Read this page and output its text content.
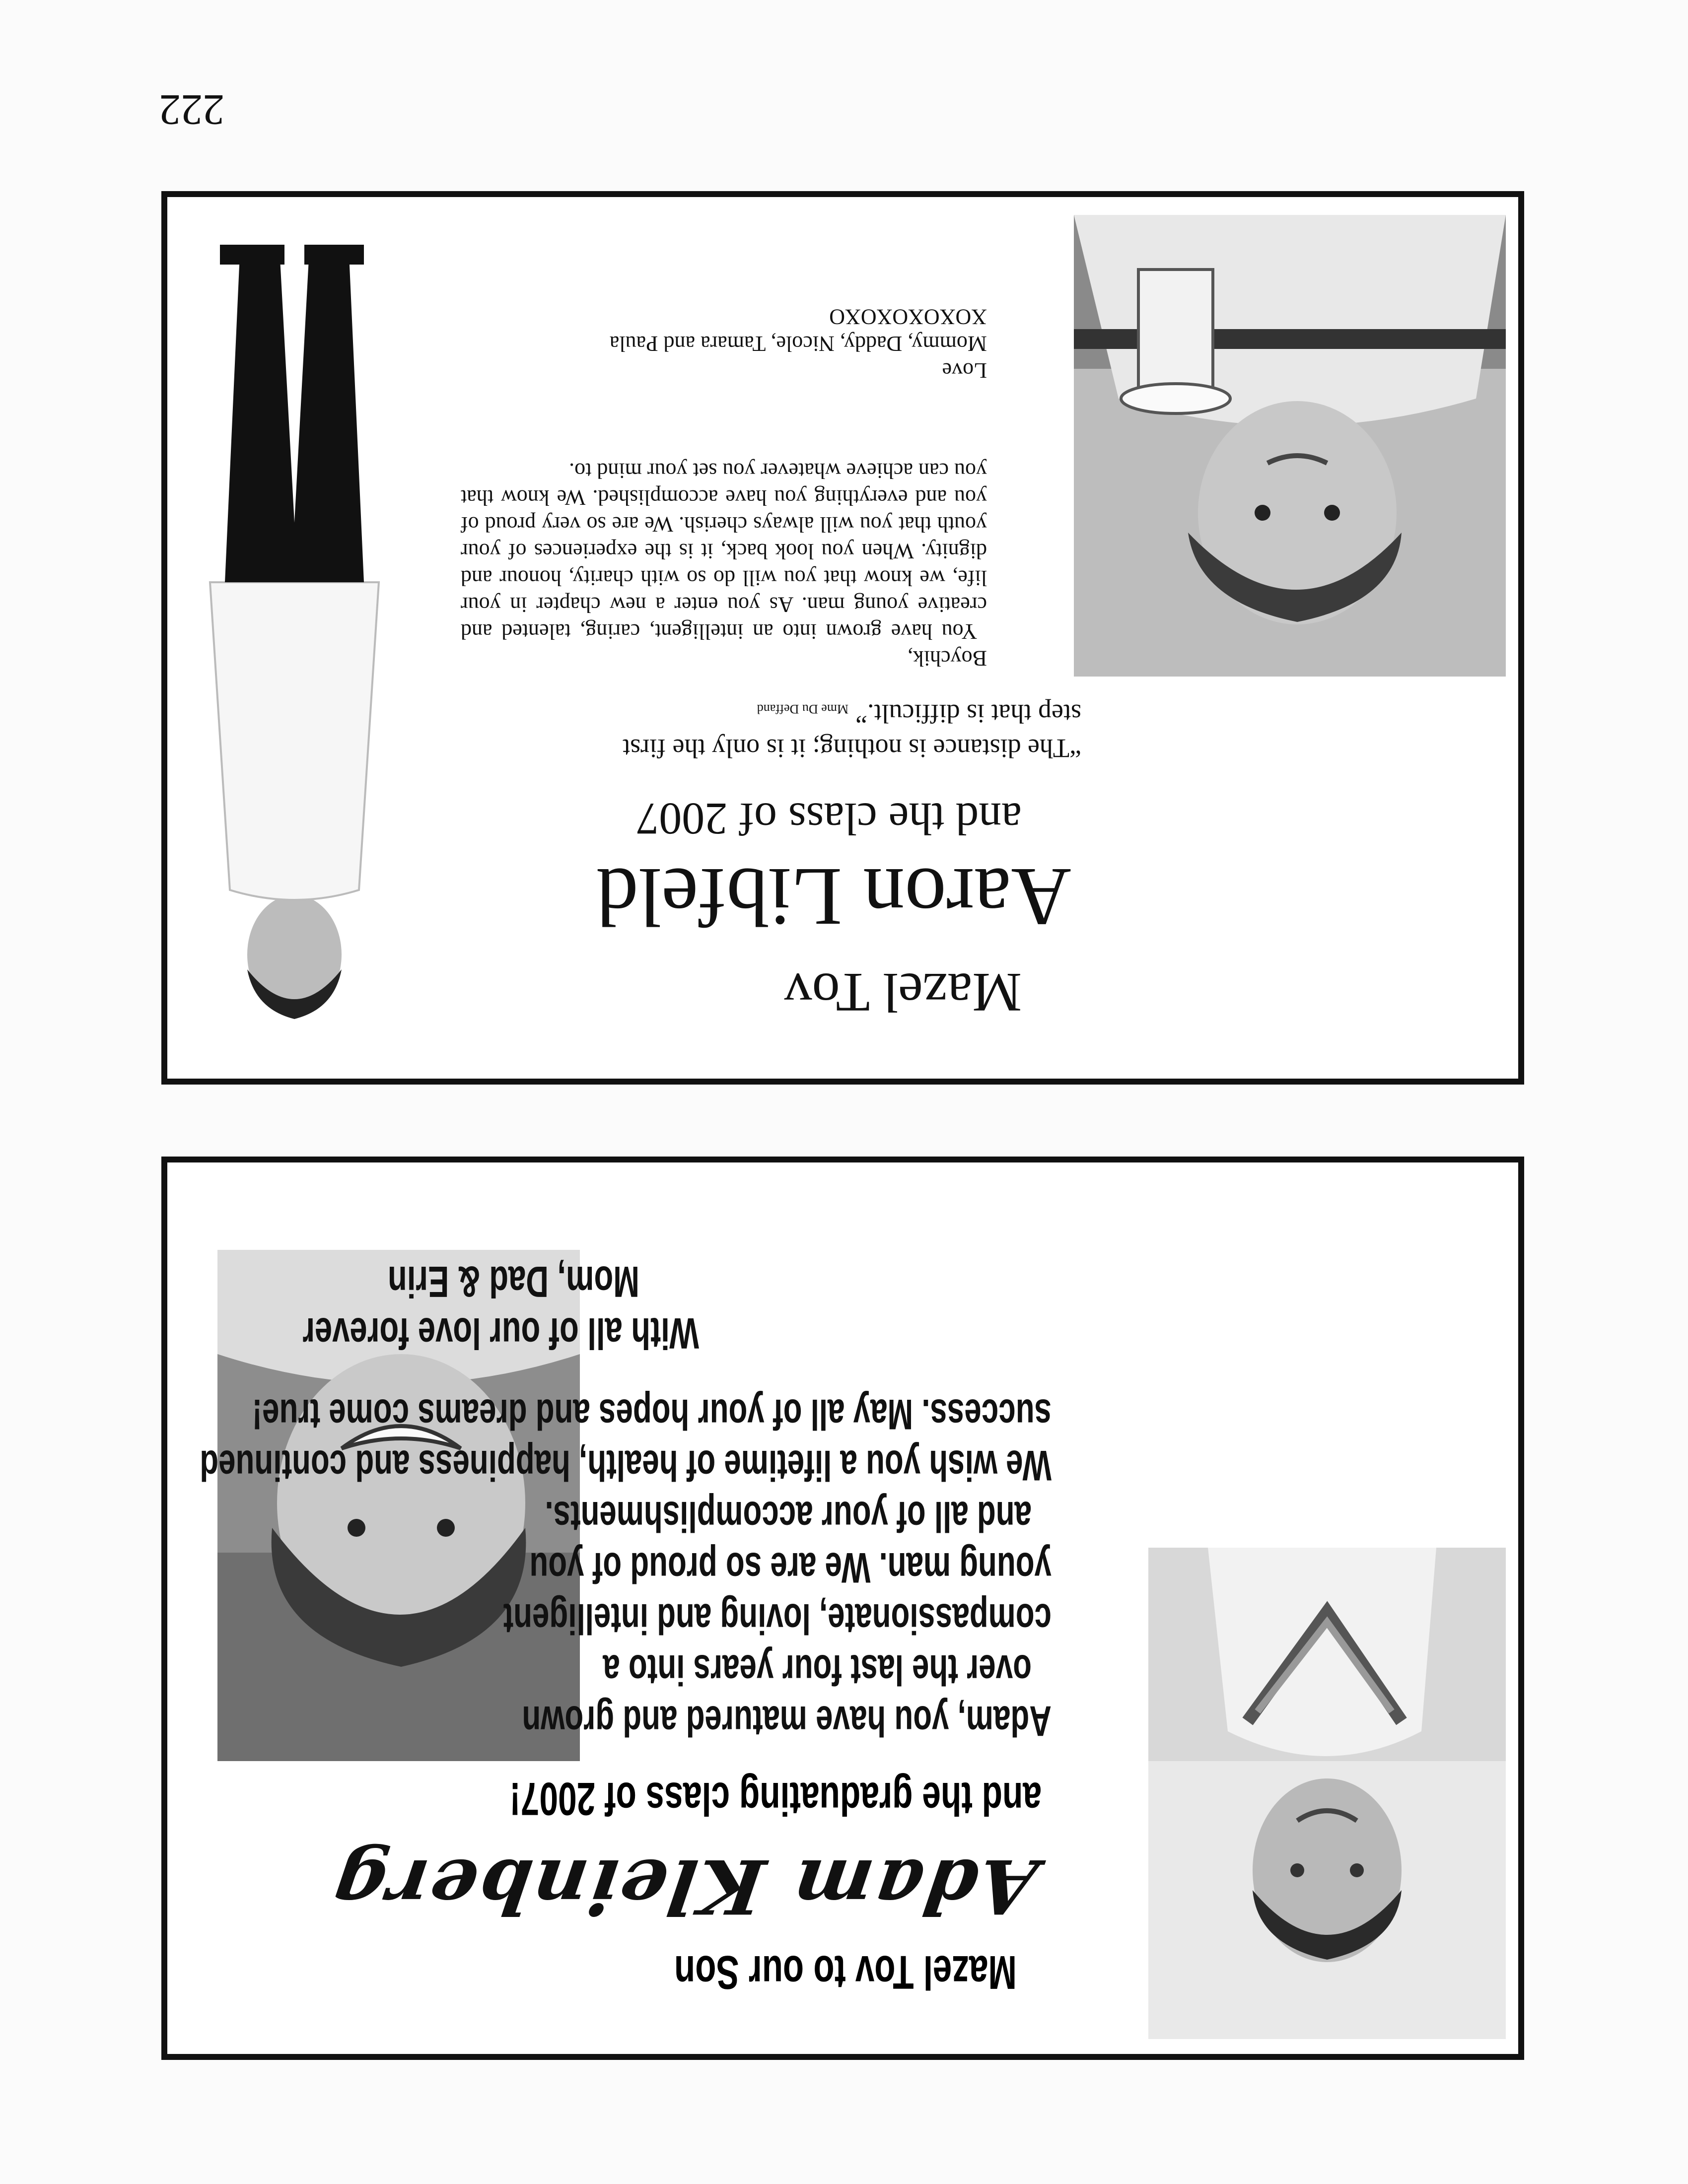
222
Mazel Tov to our Son
Adam Kleinberg
and the graduating class of 2007!
Adam, you have matured and grown
over the last four years into a
compassionate, loving and intelligent
young man. We are so proud of you
and all of your accomplishments.
We wish you a lifetime of health, happiness and continued
success. May all of your hopes and dreams come true!
With all of our love forever
Mom, Dad & Erin
Mazel Tov
Aaron Libfeld
and the class of 2007
“The distance is nothing; it is only the first step that is difficult.”Mme Du Deffand
Boychik,
You have grown into an intelligent, caring, talented and creative young man. As you enter a new chapter in your life, we know that you will do so with charity, honour and dignity. When you look back, it is the experiences of your youth that you will always cherish. We are so very proud of you and everything you have accomplished. We know that you can achieve whatever you set your mind to.
Love
Mommy, Daddy, Nicole, Tamara and Paula
XOXOXOXOXO
